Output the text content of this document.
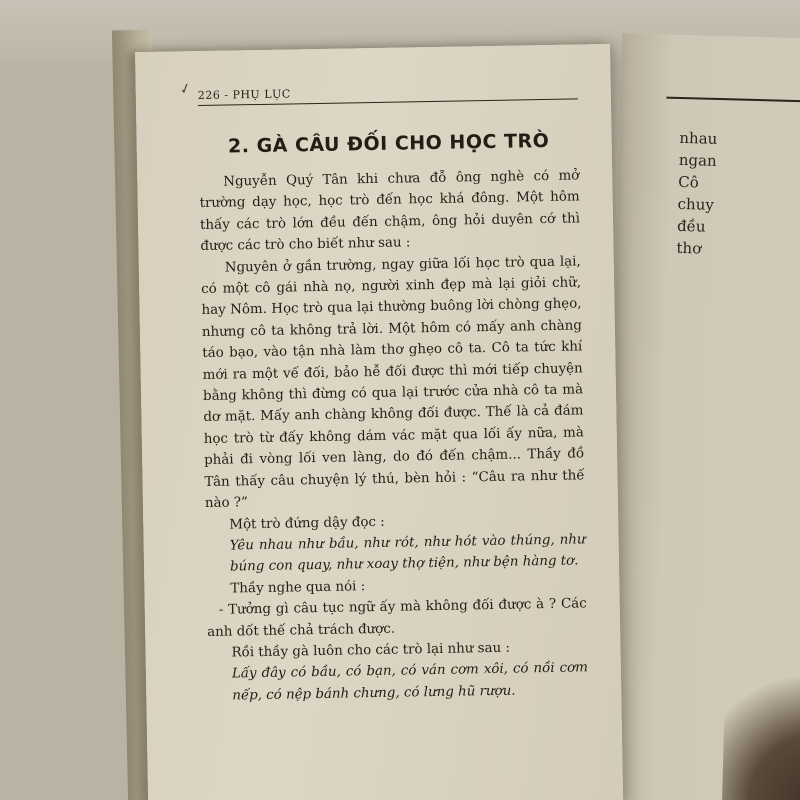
nhau
ngan
Cô
chuy
đều
thơ
✓ 226 - PHỤ LỤC
2. GÀ CÂU ĐỐI CHO HỌC TRÒ

Nguyễn Quý Tân khi chưa đỗ ông nghè có mở trường dạy học, học trò đến học khá đông. Một hôm thấy các trò lớn đều đến chậm, ông hỏi duyên cớ thì được các trò cho biết như sau :

Nguyên ở gần trường, ngay giữa lối học trò qua lại, có một cô gái nhà nọ, người xinh đẹp mà lại giỏi chữ, hay Nôm. Học trò qua lại thường buông lời chòng ghẹo, nhưng cô ta không trả lời. Một hôm có mấy anh chàng táo bạo, vào tận nhà làm thơ ghẹo cô ta. Cô ta tức khí mới ra một vế đối, bảo hễ đối được thì mới tiếp chuyện bằng không thì đừng có qua lại trước cửa nhà cô ta mà dơ mặt. Mấy anh chàng không đối được. Thế là cả đám học trò từ đấy không dám vác mặt qua lối ấy nữa, mà phải đi vòng lối ven làng, do đó đến chậm... Thầy đồ Tân thấy câu chuyện lý thú, bèn hỏi : “Câu ra như thế nào ?”

Một trò đứng dậy đọc :

Yêu nhau như bầu, như rót, như hót vào thúng, như búng con quay, như xoay thợ tiện, như bện hàng tơ.

Thầy nghe qua nói :

- Tưởng gì câu tục ngữ ấy mà không đối được à ? Các anh dốt thế chả trách được.

Rồi thầy gà luôn cho các trò lại như sau :

Lấy đây có bầu, có bạn, có ván cơm xôi, có nồi cơm nếp, có nệp bánh chưng, có lưng hũ rượu.
